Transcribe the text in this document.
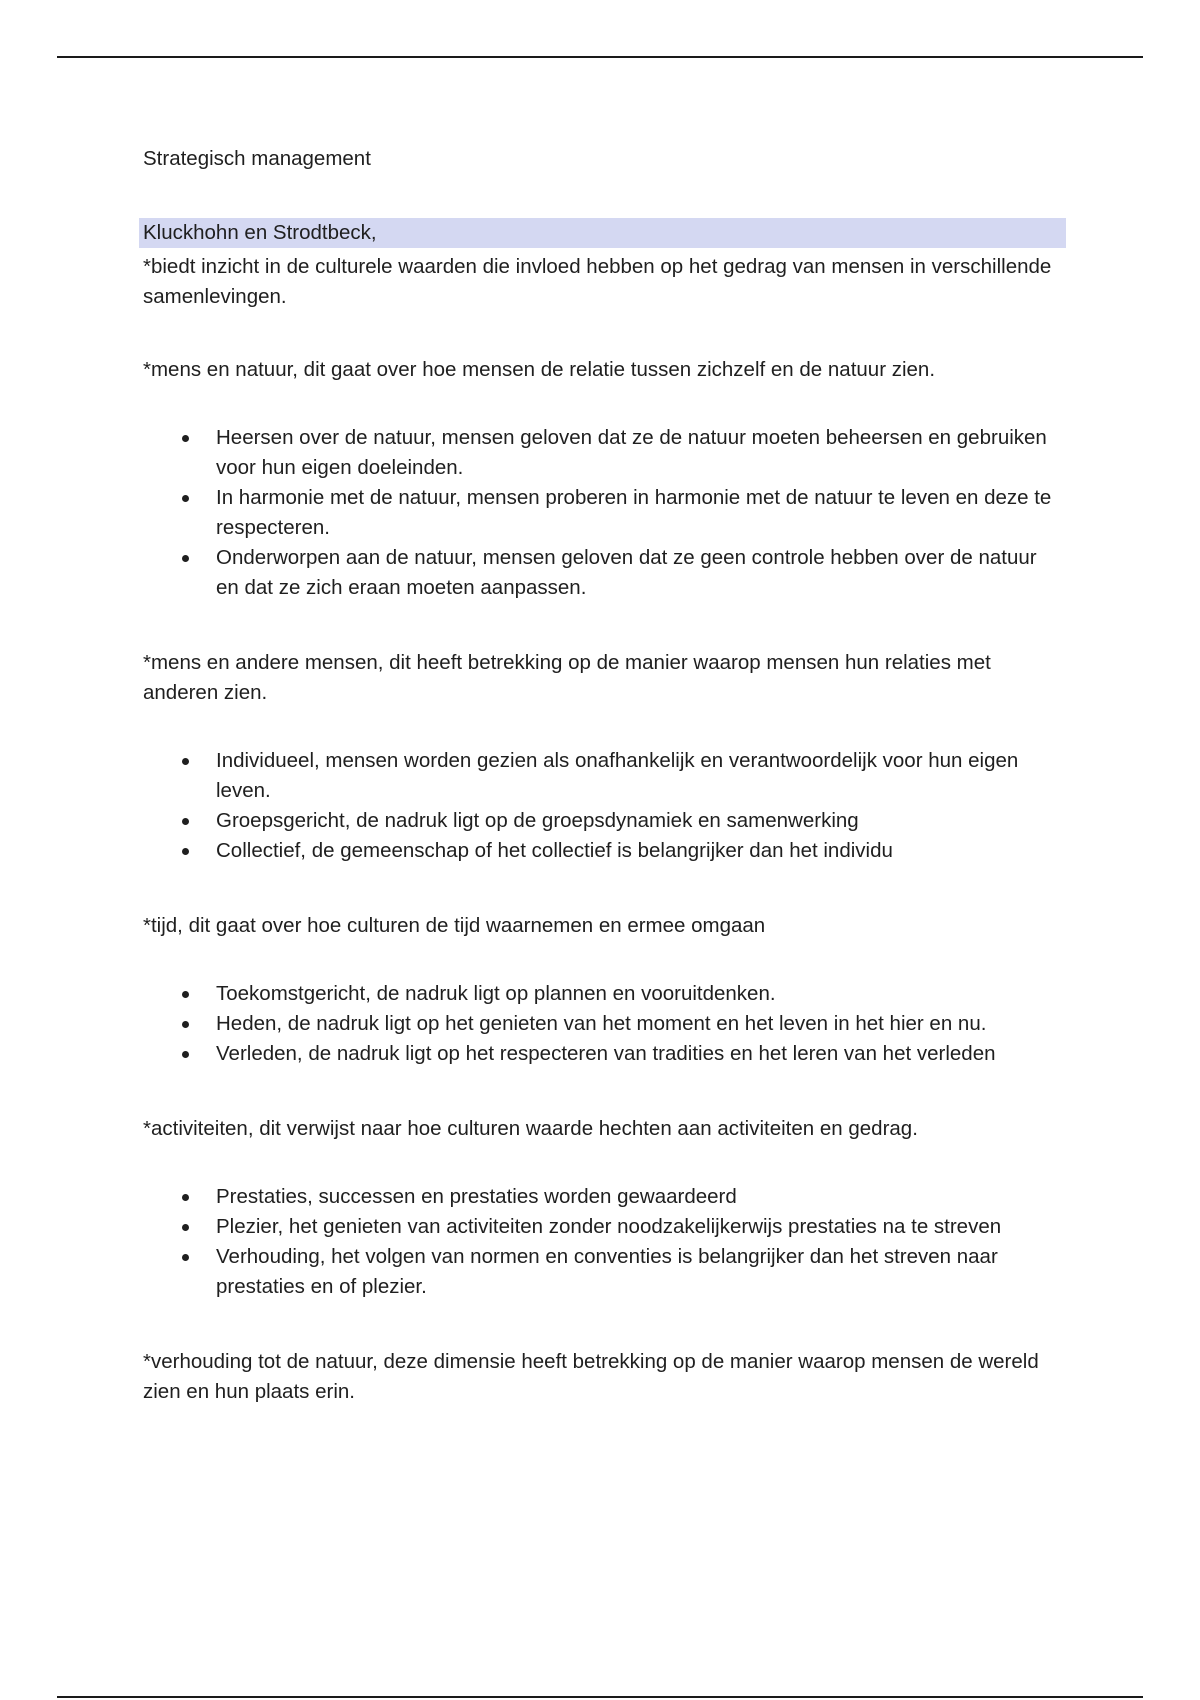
Strategisch management
Kluckhohn en Strodtbeck,

*biedt inzicht in de culturele waarden die invloed hebben op het gedrag van mensen in verschillende samenlevingen.

*mens en natuur, dit gaat over hoe mensen de relatie tussen zichzelf en de natuur zien.

Heersen over de natuur, mensen geloven dat ze de natuur moeten beheersen en gebruiken voor hun eigen doeleinden.
In harmonie met de natuur, mensen proberen in harmonie met de natuur te leven en deze te respecteren.
Onderworpen aan de natuur, mensen geloven dat ze geen controle hebben over de natuur en dat ze zich eraan moeten aanpassen.

*mens en andere mensen, dit heeft betrekking op de manier waarop mensen hun relaties met anderen zien.

Individueel, mensen worden gezien als onafhankelijk en verantwoordelijk voor hun eigen leven.
Groepsgericht, de nadruk ligt op de groepsdynamiek en samenwerking
Collectief, de gemeenschap of het collectief is belangrijker dan het individu

*tijd, dit gaat over hoe culturen de tijd waarnemen en ermee omgaan

Toekomstgericht, de nadruk ligt op plannen en vooruitdenken.
Heden, de nadruk ligt op het genieten van het moment en het leven in het hier en nu.
Verleden, de nadruk ligt op het respecteren van tradities en het leren van het verleden

*activiteiten, dit verwijst naar hoe culturen waarde hechten aan activiteiten en gedrag.

Prestaties, successen en prestaties worden gewaardeerd
Plezier, het genieten van activiteiten zonder noodzakelijkerwijs prestaties na te streven
Verhouding, het volgen van normen en conventies is belangrijker dan het streven naar prestaties en of plezier.

*verhouding tot de natuur, deze dimensie heeft betrekking op de manier waarop mensen de wereld zien en hun plaats erin.
